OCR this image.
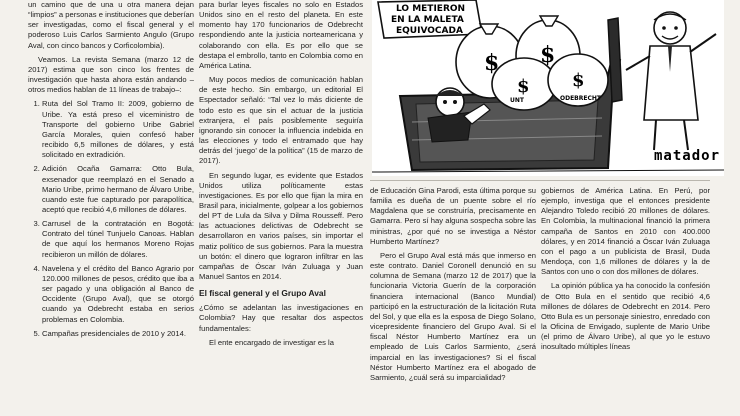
un camino que de una u otra manera dejan “limpios” a personas e instituciones que deberían ser investigadas, como el fiscal general y el poderoso Luis Carlos Sarmiento Angulo (Grupo Aval, con cinco bancos y Corficolombia).

Veamos. La revista Semana (marzo 12 de 2017) estima que son cinco los frentes de investigación que hasta ahora están andando –otros medios hablan de 11 líneas de trabajo–:

1. Ruta del Sol Tramo II: 2009, gobierno de Uribe. Ya está preso el viceministro de Transporte del gobierno Uribe Gabriel García Morales, quien confesó haber recibido 6,5 millones de dólares, y está solicitado en extradición.
2. Adición Ocaña Gamarra: Otto Bula, exsenador que reemplazó en el Senado a Mario Uribe, primo hermano de Álvaro Uribe, cuando este fue capturado por parapolítica, aceptó que recibió 4,6 millones de dólares.
3. Carrusel de la contratación en Bogotá: Contrato del túnel Tunjuelo Canoas. Hablan de que aquí los hermanos Moreno Rojas recibieron un millón de dólares.
4. Navelena y el crédito del Banco Agrario por 120.000 millones de pesos, crédito que iba a ser pagado y una obligación al Banco de Occidente (Grupo Aval), que se otorgó cuando ya Odebrecht estaba en serios problemas en Colombia.
5. Campañas presidenciales de 2010 y 2014.

para burlar leyes fiscales no solo en Estados Unidos sino en el resto del planeta. En este momento hay 170 funcionarios de Odebrecht respondiendo ante la justicia norteamericana y colaborando con ella. Es por ello que se destapa el embrollo, tanto en Colombia como en América Latina.

Muy pocos medios de comunicación hablan de este hecho. Sin embargo, un editorial El Espectador señaló: “Tal vez lo más diciente de todo esto es que sin el actuar de la justicia extranjera, el país posiblemente seguiría ignorando sin conocer la influencia indebida en las elecciones y todo el entramado que hay detrás del ‘juego’ de la política” (15 de marzo de 2017).

En segundo lugar, es evidente que Estados Unidos utiliza políticamente estas investigaciones. Es por ello que fijan la mira en Brasil para, inicialmente, golpear a los gobiernos del PT de Lula da Silva y Dilma Rousseff. Pero las actuaciones delictivas de Odebrecht se desarrollaron en varios países, sin importar el matiz político de sus gobiernos. Para la muestra un botón: el dinero que lograron infiltrar en las campañas de Óscar Iván Zuluaga y Juan Manuel Santos en 2014.

El fiscal general y el Grupo Aval

¿Cómo se adelantan las investigaciones en Colombia? Hay que resaltar dos aspectos fundamentales:

El ente encargado de investigar es la

LO METIERON
EN LA MALETA
EQUIVOCADA
$ $
$ $
UNT	ODEBRECHT
matador

de Educación Gina Parodi, esta última porque su familia es dueña de un puente sobre el río Magdalena que se construiría, precisamente en Gamarra. Pero sí hay alguna sospecha sobre las ministras, ¿por qué no se investiga a Néstor Humberto Martínez?

Pero el Grupo Aval está más que inmerso en este contrato. Daniel Coronell denunció en su columna de Semana (marzo 12 de 2017) que la funcionaria Victoria Guerín de la corporación financiera internacional (Banco Mundial) participó en la estructuración de la licitación Ruta del Sol, y que ella es la esposa de Diego Solano, vicepresidente financiero del Grupo Aval. Si el fiscal Néstor Humberto Martínez era un empleado de Luis Carlos Sarmiento, ¿será imparcial en las investigaciones? Si el fiscal Néstor Humberto Martínez era el abogado de Sarmiento, ¿cuál será su imparcialidad?

gobiernos de América Latina. En Perú, por ejemplo, investiga que el entonces presidente Alejandro Toledo recibió 20 millones de dólares. En Colombia, la multinacional financió la primera campaña de Santos en 2010 con 400.000 dólares, y en 2014 financió a Óscar Iván Zuluaga con el pago a un publicista de Brasil, Duda Mendoça, con 1,6 millones de dólares y la de Santos con uno o con dos millones de dólares.

La opinión pública ya ha conocido la confesión de Otto Bula en el sentido que recibió 4,6 millones de dólares de Odebrecht en 2014. Pero Otto Bula es un personaje siniestro, enredado con la Oficina de Envigado, suplente de Mario Uribe (el primo de Álvaro Uribe), al que yo le estuvo inosultado múltiples líneas
